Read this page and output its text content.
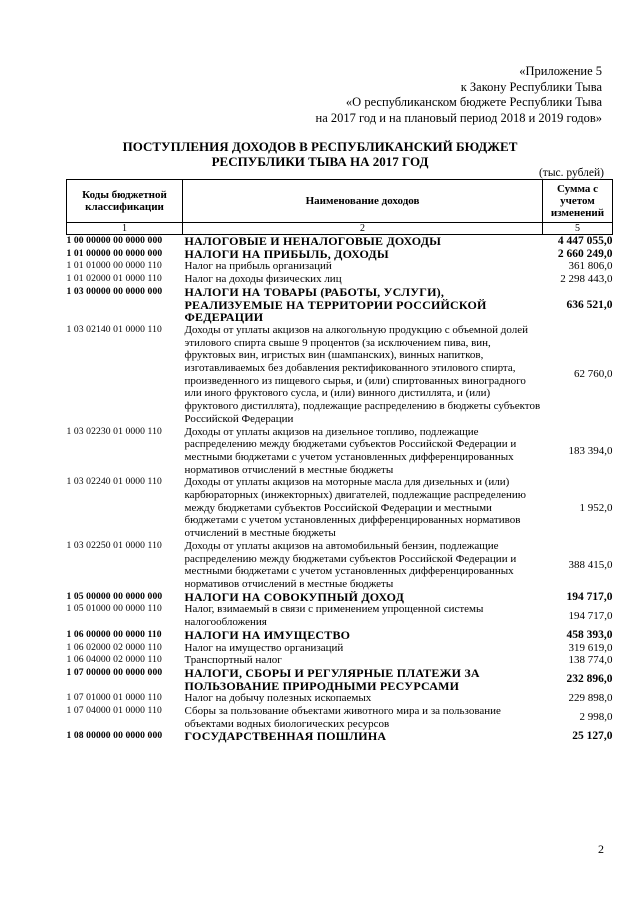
«Приложение 5
к Закону Республики Тыва
«О республиканском бюджете Республики Тыва
на 2017 год и на плановый период 2018 и 2019 годов»
ПОСТУПЛЕНИЯ ДОХОДОВ В РЕСПУБЛИКАНСКИЙ БЮДЖЕТ
РЕСПУБЛИКИ ТЫВА НА 2017 ГОД
(тыс. рублей)
Коды бюджетной классификации	Наименование доходов	Сумма с учетом изменений
1	2	5
1 00 00000 00 0000 000	НАЛОГОВЫЕ И НЕНАЛОГОВЫЕ ДОХОДЫ	4 447 055,0
1 01 00000 00 0000 000	НАЛОГИ НА ПРИБЫЛЬ, ДОХОДЫ	2 660 249,0
1 01 01000 00 0000 110	Налог на прибыль организаций	361 806,0
1 01 02000 01 0000 110	Налог на доходы физических лиц	2 298 443,0
1 03 00000 00 0000 000	НАЛОГИ НА ТОВАРЫ (РАБОТЫ, УСЛУГИ), РЕАЛИЗУЕМЫЕ НА ТЕРРИТОРИИ РОССИЙСКОЙ ФЕДЕРАЦИИ	636 521,0
1 03 02140 01 0000 110	Доходы от уплаты акцизов на алкогольную продукцию с объемной долей этилового спирта свыше 9 процентов (за исключением пива, вин, фруктовых вин, игристых вин (шампанских), винных напитков, изготавливаемых без добавления ректификованного этилового спирта, произведенного из пищевого сырья, и (или) спиртованных виноградного или иного фруктового сусла, и (или) винного дистиллята, и (или) фруктового дистиллята), подлежащие распределению в бюджеты субъектов Российской Федерации	62 760,0
1 03 02230 01 0000 110	Доходы от уплаты акцизов на дизельное топливо, подлежащие распределению между бюджетами субъектов Российской Федерации и местными бюджетами с учетом установленных дифференцированных нормативов отчислений в местные бюджеты	183 394,0
1 03 02240 01 0000 110	Доходы от уплаты акцизов на моторные масла для дизельных и (или) карбюраторных (инжекторных) двигателей, подлежащие распределению между бюджетами субъектов Российской Федерации и местными бюджетами с учетом установленных дифференцированных нормативов отчислений в местные бюджеты	1 952,0
1 03 02250 01 0000 110	Доходы от уплаты акцизов на автомобильный бензин, подлежащие распределению между бюджетами субъектов Российской Федерации и местными бюджетами с учетом установленных дифференцированных нормативов отчислений в местные бюджеты	388 415,0
1 05 00000 00 0000 000	НАЛОГИ НА СОВОКУПНЫЙ ДОХОД	194 717,0
1 05 01000 00 0000 110	Налог, взимаемый в связи с применением упрощенной системы налогообложения	194 717,0
1 06 00000 00 0000 110	НАЛОГИ НА ИМУЩЕСТВО	458 393,0
1 06 02000 02 0000 110	Налог на имущество организаций	319 619,0
1 06 04000 02 0000 110	Транспортный налог	138 774,0
1 07 00000 00 0000 000	НАЛОГИ, СБОРЫ И РЕГУЛЯРНЫЕ ПЛАТЕЖИ ЗА ПОЛЬЗОВАНИЕ ПРИРОДНЫМИ РЕСУРСАМИ	232 896,0
1 07 01000 01 0000 110	Налог на добычу полезных ископаемых	229 898,0
1 07 04000 01 0000 110	Сборы за пользование объектами животного мира и за пользование объектами водных биологических ресурсов	2 998,0
1 08 00000 00 0000 000	ГОСУДАРСТВЕННАЯ ПОШЛИНА	25 127,0
2
